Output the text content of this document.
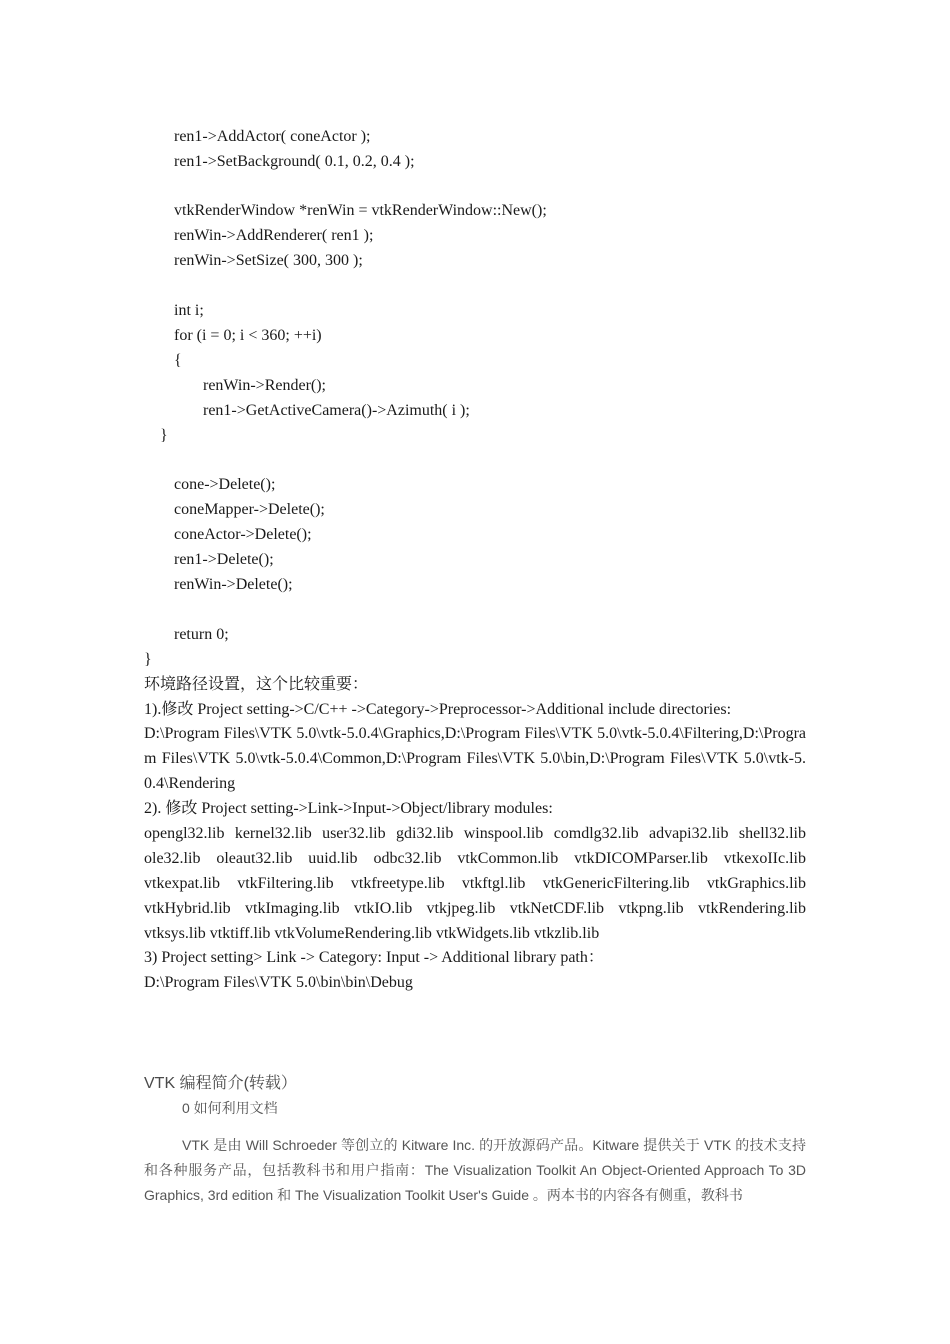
ren1->AddActor( coneActor );
ren1->SetBackground( 0.1, 0.2, 0.4 );
vtkRenderWindow *renWin = vtkRenderWindow::New();
renWin->AddRenderer( ren1 );
renWin->SetSize( 300, 300 );
int i;
for (i = 0; i < 360; ++i)
{
renWin->Render();
ren1->GetActiveCamera()->Azimuth( i );
}
cone->Delete();
coneMapper->Delete();
coneActor->Delete();
ren1->Delete();
renWin->Delete();
return 0;
}
环境路径设置，这个比较重要：
1).修改 Project setting->C/C++ ->Category->Preprocessor->Additional include directories:
D:\Program Files\VTK 5.0\vtk-5.0.4\Graphics,D:\Program Files\VTK 5.0\vtk-5.0.4\Filtering,D:\Program Files\VTK 5.0\vtk-5.0.4\Common,D:\Program Files\VTK 5.0\bin,D:\Program Files\VTK 5.0\vtk-5.0.4\Rendering
2). 修改 Project setting->Link->Input->Object/library modules:
opengl32.lib kernel32.lib user32.lib gdi32.lib winspool.lib comdlg32.lib advapi32.lib shell32.lib ole32.lib oleaut32.lib uuid.lib odbc32.lib vtkCommon.lib vtkDICOMParser.lib vtkexoIIc.lib vtkexpat.lib vtkFiltering.lib vtkfreetype.lib vtkftgl.lib vtkGenericFiltering.lib vtkGraphics.lib vtkHybrid.lib vtkImaging.lib vtkIO.lib vtkjpeg.lib vtkNetCDF.lib vtkpng.lib vtkRendering.lib vtksys.lib vtktiff.lib vtkVolumeRendering.lib vtkWidgets.lib vtkzlib.lib
3) Project setting> Link -> Category: Input -> Additional library path：
D:\Program Files\VTK 5.0\bin\bin\Debug
VTK 编程简介(转载）
0 如何利用文档
VTK 是由 Will Schroeder 等创立的 Kitware Inc. 的开放源码产品。Kitware 提供关于 VTK 的技术支持和各种服务产品，包括教科书和用户指南：The Visualization Toolkit An Object-Oriented Approach To 3D Graphics, 3rd edition 和 The Visualization Toolkit User's Guide 。两本书的内容各有侧重，教科书
